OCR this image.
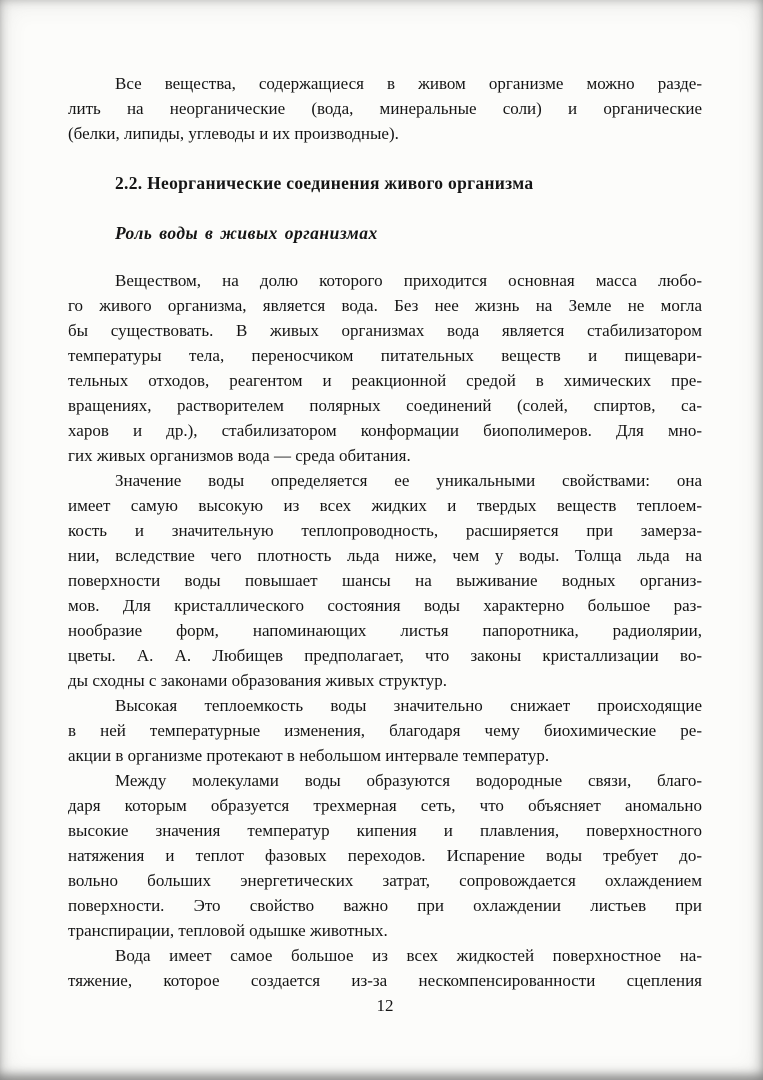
Все вещества, содержащиеся в живом организме можно разде-
лить на неорганические (вода, минеральные соли) и органические
(белки, липиды, углеводы и их производные).
2.2. Неорганические соединения живого организма
Роль воды в живых организмах
Веществом, на долю которого приходится основная масса любо-
го живого организма, является вода. Без нее жизнь на Земле не могла
бы существовать. В живых организмах вода является стабилизатором
температуры тела, переносчиком питательных веществ и пищевари-
тельных отходов, реагентом и реакционной средой в химических пре-
вращениях, растворителем полярных соединений (солей, спиртов, са-
харов и др.), стабилизатором конформации биополимеров. Для мно-
гих живых организмов вода — среда обитания.
Значение воды определяется ее уникальными свойствами: она
имеет самую высокую из всех жидких и твердых веществ теплоем-
кость и значительную теплопроводность, расширяется при замерза-
нии, вследствие чего плотность льда ниже, чем у воды. Толща льда на
поверхности воды повышает шансы на выживание водных организ-
мов. Для кристаллического состояния воды характерно большое раз-
нообразие форм, напоминающих листья папоротника, радиолярии,
цветы. А. А. Любищев предполагает, что законы кристаллизации во-
ды сходны с законами образования живых структур.
Высокая теплоемкость воды значительно снижает происходящие
в ней температурные изменения, благодаря чему биохимические ре-
акции в организме протекают в небольшом интервале температур.
Между молекулами воды образуются водородные связи, благо-
даря которым образуется трехмерная сеть, что объясняет аномально
высокие значения температур кипения и плавления, поверхностного
натяжения и теплот фазовых переходов. Испарение воды требует до-
вольно больших энергетических затрат, сопровождается охлаждением
поверхности. Это свойство важно при охлаждении листьев при
транспирации, тепловой одышке животных.
Вода имеет самое большое из всех жидкостей поверхностное на-
тяжение, которое создается из-за нескомпенсированности сцепления
12
